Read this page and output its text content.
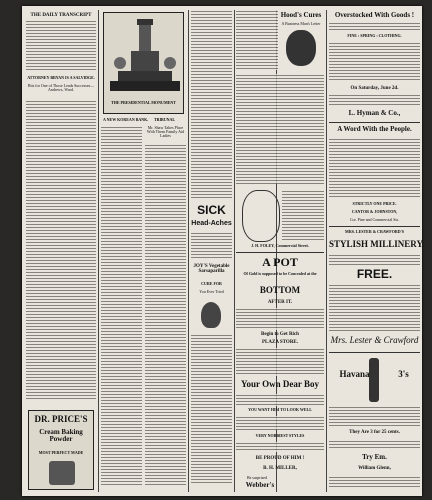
THE DAILY TRANSCRIPT
ATTORNEY BRYAN IS A SALVIDGE.
Bits for One of Those Leads Successes—Andrews, Ward.
DR. PRICE'S
Cream Baking Powder
MOST PERFECT MADE
THE PRESIDENTIAL MONUMENT
A NEW KOREAN BANK.	TRIBUNAL
Mr. Shaw Takes Place With Them Family Aid Ladies
SICK
Head-Aches
JOY'S Vegetable Sarsaparilla
CURE FOR
You Ever Tried
Hood's Cures
A Business Man's Letter
J. H. FOLEY, Commercial Street.
A POT
Of Gold is supposed to be Concealed at the
BOTTOM
AFTER IT.
Begin to Get Rich
PLAZA STORE.
Your Own Dear Boy
YOU WANT HIM TO LOOK WELL
VERY NOBBIEST STYLES
BE PROUD OF HIM !
B. H. MILLER,
Be surprised
Webber's
Overstocked With Goods !
FINE : SPRING : CLOTHING.
On Saturday, June 2d.
L. Hyman & Co.,
A Word With the People.
STRICTLY ONE PRICE.
CANTOR & JOHNSTON,
Cor. Pine and Commercial Sts.
MRS. LESTER & CRAWFORD'S
STYLISH MILLINERY
FREE.
Mrs. Lester & Crawford
Havana	3's
They Are 3 for 25 cents.
Try Em.
William Glenn,
